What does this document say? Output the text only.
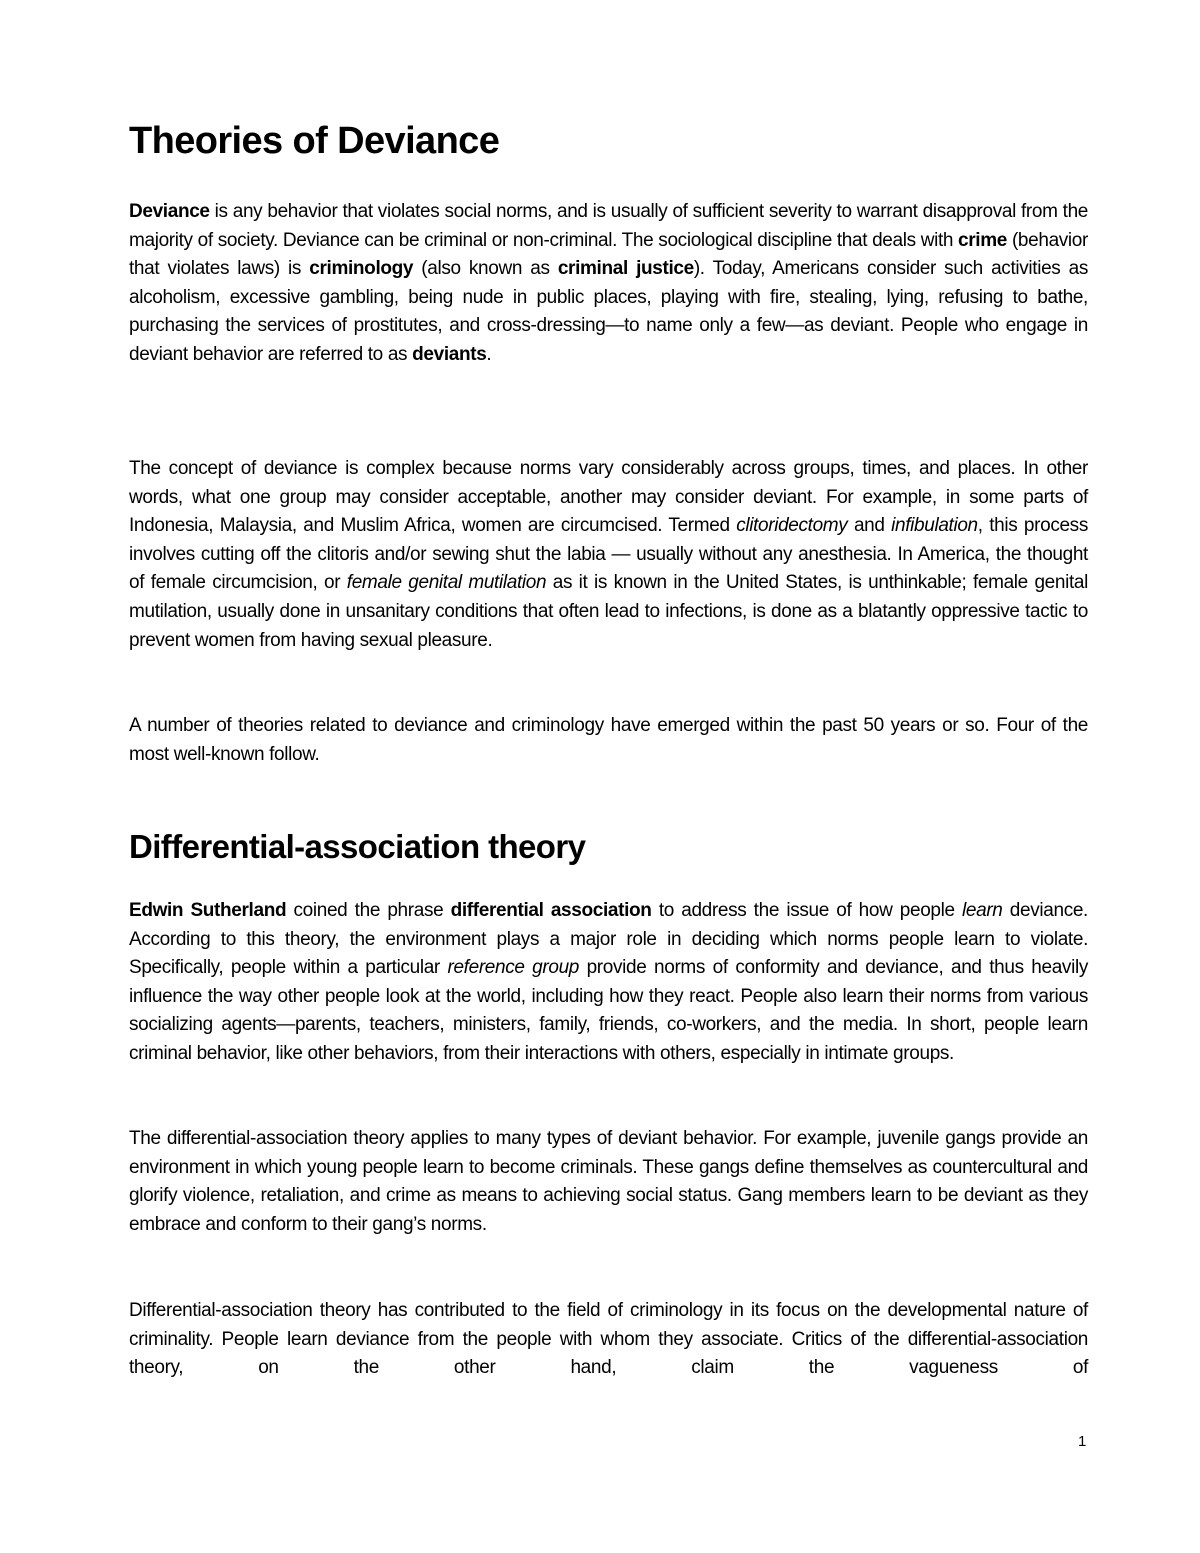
Theories of Deviance

Deviance is any behavior that violates social norms, and is usually of sufficient severity to warrant disapproval from the majority of society. Deviance can be criminal or non-criminal. The sociological discipline that deals with crime (behavior that violates laws) is criminology (also known as criminal justice). Today, Americans consider such activities as alcoholism, excessive gambling, being nude in public places, playing with fire, stealing, lying, refusing to bathe, purchasing the services of prostitutes, and cross-dressing—to name only a few—as deviant. People who engage in deviant behavior are referred to as deviants.

The concept of deviance is complex because norms vary considerably across groups, times, and places. In other words, what one group may consider acceptable, another may consider deviant. For example, in some parts of Indonesia, Malaysia, and Muslim Africa, women are circumcised. Termed clitoridectomy and infibulation, this process involves cutting off the clitoris and/or sewing shut the labia — usually without any anesthesia. In America, the thought of female circumcision, or female genital mutilation as it is known in the United States, is unthinkable; female genital mutilation, usually done in unsanitary conditions that often lead to infections, is done as a blatantly oppressive tactic to prevent women from having sexual pleasure.

A number of theories related to deviance and criminology have emerged within the past 50 years or so. Four of the most well-known follow.

Differential-association theory

Edwin Sutherland coined the phrase differential association to address the issue of how people learn deviance. According to this theory, the environment plays a major role in deciding which norms people learn to violate. Specifically, people within a particular reference group provide norms of conformity and deviance, and thus heavily influence the way other people look at the world, including how they react. People also learn their norms from various socializing agents—parents, teachers, ministers, family, friends, co-workers, and the media. In short, people learn criminal behavior, like other behaviors, from their interactions with others, especially in intimate groups.

The differential-association theory applies to many types of deviant behavior. For example, juvenile gangs provide an environment in which young people learn to become criminals. These gangs define themselves as countercultural and glorify violence, retaliation, and crime as means to achieving social status. Gang members learn to be deviant as they embrace and conform to their gang’s norms.

Differential-association theory has contributed to the field of criminology in its focus on the developmental nature of criminality. People learn deviance from the people with whom they associate. Critics of the differential-association theory, on the other hand, claim the vagueness of

1
